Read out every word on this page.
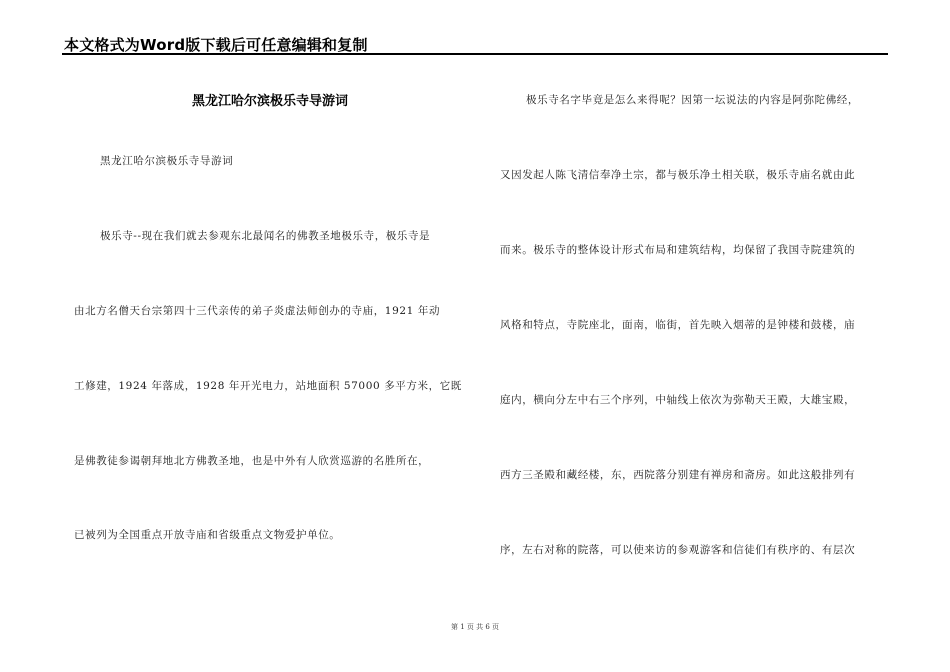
本文格式为Word版下载后可任意编辑和复制
黑龙江哈尔滨极乐寺导游词
黑龙江哈尔滨极乐寺导游词
极乐寺--现在我们就去参观东北最闻名的佛教圣地极乐寺，极乐寺是
由北方名僧天台宗第四十三代亲传的弟子炎虚法师创办的寺庙，1921 年动
工修建，1924 年落成，1928 年开光电力，站地面积 57000 多平方米，它既
是佛教徒参谒朝拜地北方佛教圣地，也是中外有人欣赏巡游的名胜所在，
已被列为全国重点开放寺庙和省级重点文物爱护单位。
极乐寺名字毕竟是怎么来得呢？因第一坛说法的内容是阿弥陀佛经，
又因发起人陈飞清信奉净土宗，都与极乐净土相关联，极乐寺庙名就由此
而来。极乐寺的整体设计形式布局和建筑结构，均保留了我国寺院建筑的
风格和特点，寺院座北，面南，临街，首先映入烟蒂的是钟楼和鼓楼，庙
庭内，横向分左中右三个序列，中轴线上依次为弥勒天王殿，大雄宝殿，
西方三圣殿和藏经楼，东，西院落分别建有禅房和斋房。如此这般排列有
序，左右对称的院落，可以使来访的参观游客和信徒们有秩序的、有层次
第 1 页 共 6 页
